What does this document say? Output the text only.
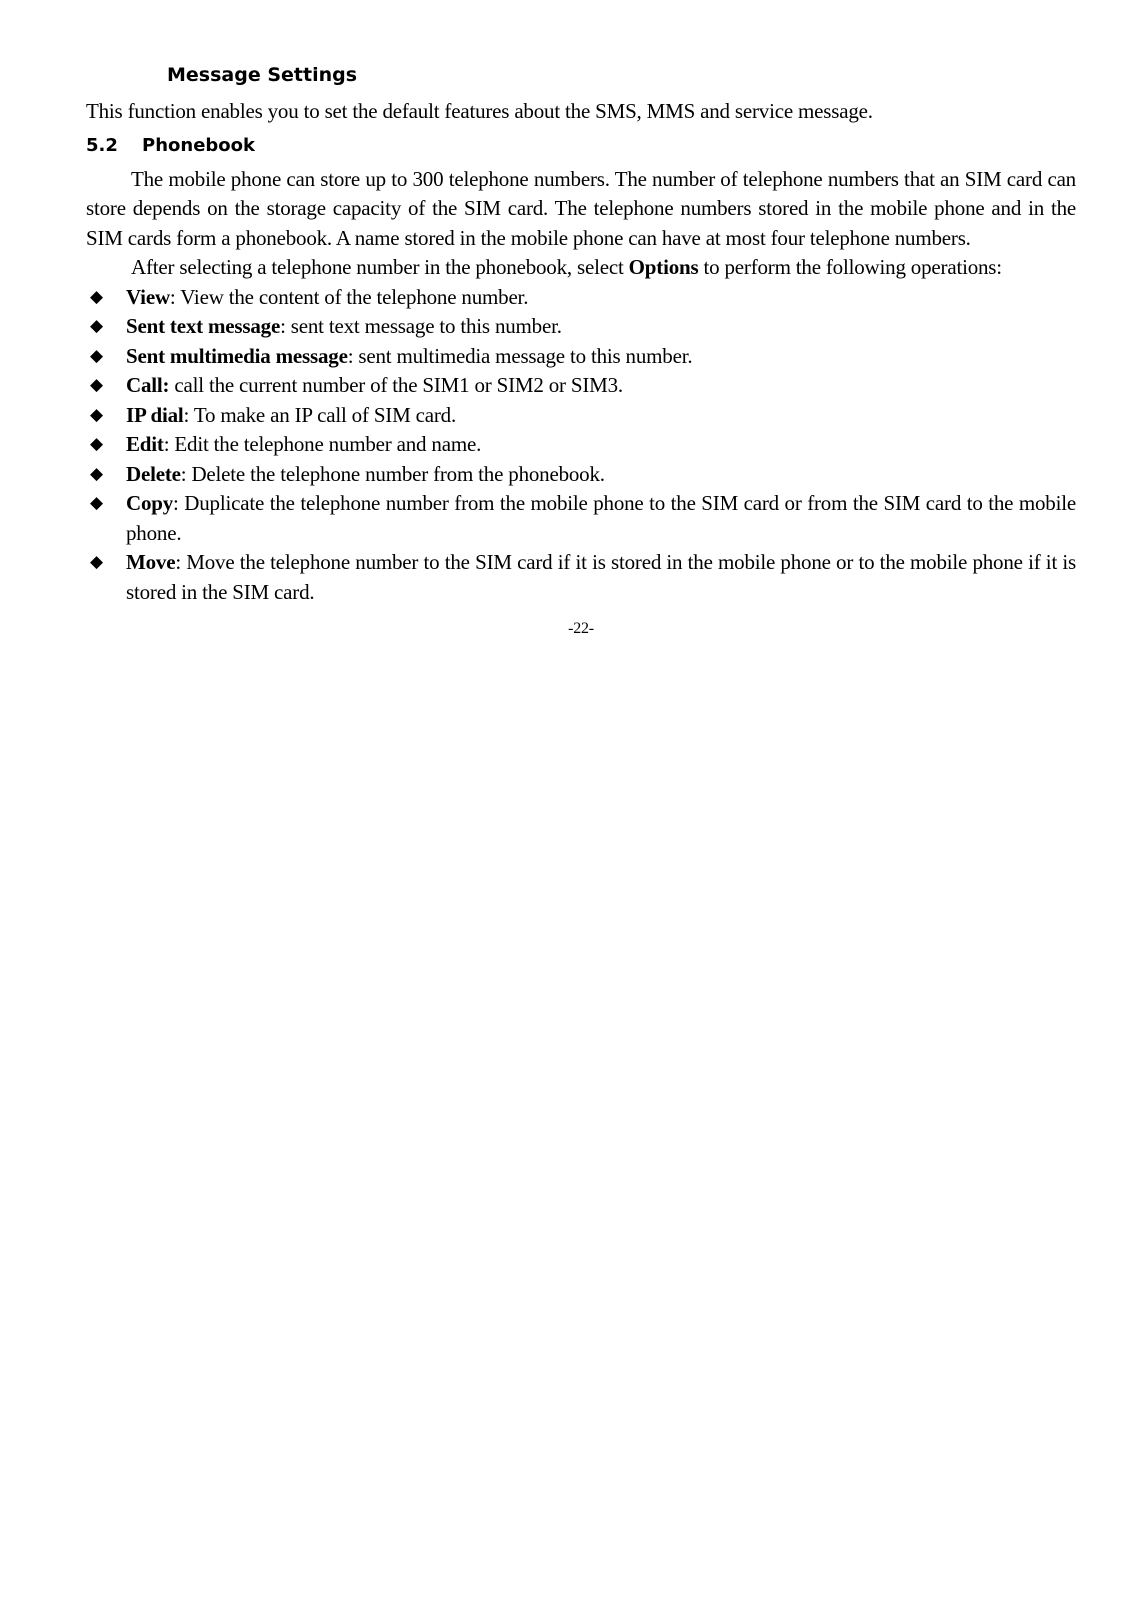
Message Settings

This function enables you to set the default features about the SMS, MMS and service message.

5.2 Phonebook

The mobile phone can store up to 300 telephone numbers. The number of telephone numbers that an SIM card can store depends on the storage capacity of the SIM card. The telephone numbers stored in the mobile phone and in the SIM cards form a phonebook. A name stored in the mobile phone can have at most four telephone numbers.

After selecting a telephone number in the phonebook, select Options to perform the following operations:

◆ View: View the content of the telephone number.
◆ Sent text message: sent text message to this number.
◆ Sent multimedia message: sent multimedia message to this number.
◆ Call: call the current number of the SIM1 or SIM2 or SIM3.
◆ IP dial: To make an IP call of SIM card.
◆ Edit: Edit the telephone number and name.
◆ Delete: Delete the telephone number from the phonebook.
◆ Copy: Duplicate the telephone number from the mobile phone to the SIM card or from the SIM card to the mobile phone.
◆ Move: Move the telephone number to the SIM card if it is stored in the mobile phone or to the mobile phone if it is stored in the SIM card.
-22-
